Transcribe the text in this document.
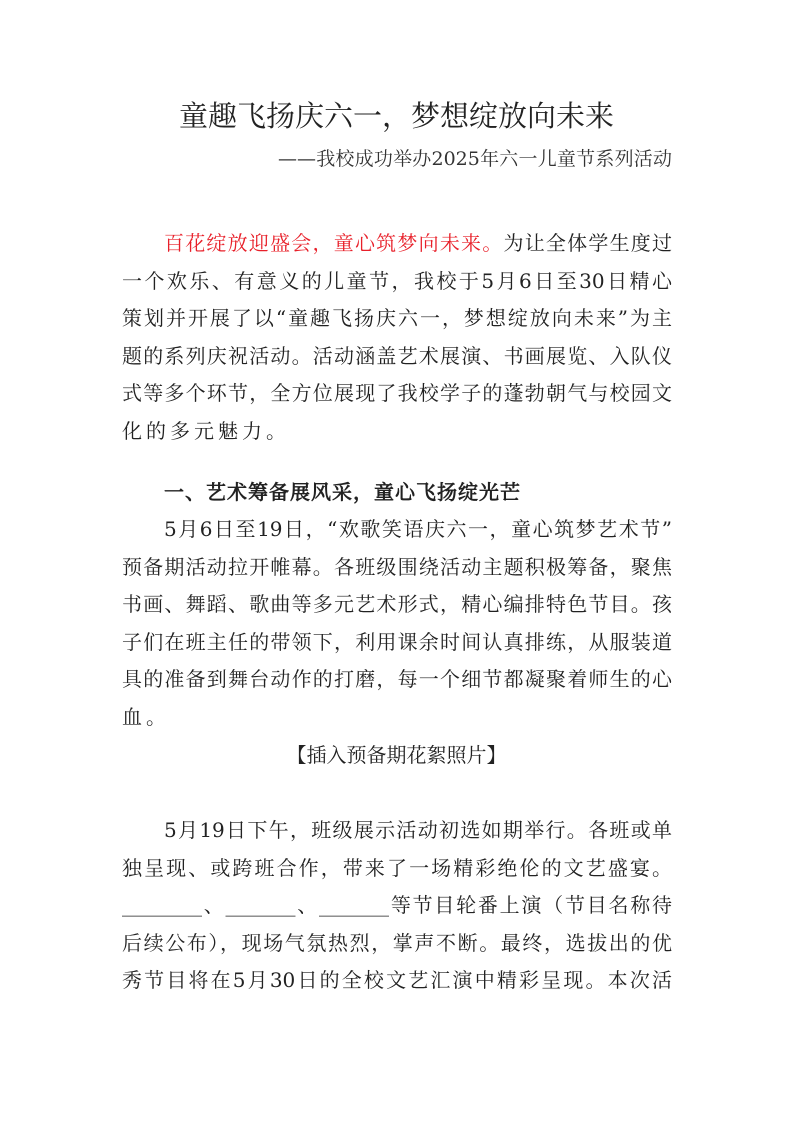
童趣飞扬庆六一，梦想绽放向未来
——我校成功举办2025年六一儿童节系列活动
百花绽放迎盛会，童心筑梦向未来。为让全体学生度过
一个欢乐、有意义的儿童节，我校于5月6日至30日精心
策划并开展了以“童趣飞扬庆六一，梦想绽放向未来”为主
题的系列庆祝活动。活动涵盖艺术展演、书画展览、入队仪
式等多个环节，全方位展现了我校学子的蓬勃朝气与校园文
化的多元魅力。
一、艺术筹备展风采，童心飞扬绽光芒
5月6日至19日，“欢歌笑语庆六一，童心筑梦艺术节”
预备期活动拉开帷幕。各班级围绕活动主题积极筹备，聚焦
书画、舞蹈、歌曲等多元艺术形式，精心编排特色节目。孩
子们在班主任的带领下，利用课余时间认真排练，从服装道
具的准备到舞台动作的打磨，每一个细节都凝聚着师生的心
血。
【插入预备期花絮照片】
5月19日下午，班级展示活动初选如期举行。各班或单
独呈现、或跨班合作，带来了一场精彩绝伦的文艺盛宴。
________、_______、_______等节目轮番上演（节目名称待
后续公布），现场气氛热烈，掌声不断。最终，选拔出的优
秀节目将在5月30日的全校文艺汇演中精彩呈现。本次活
